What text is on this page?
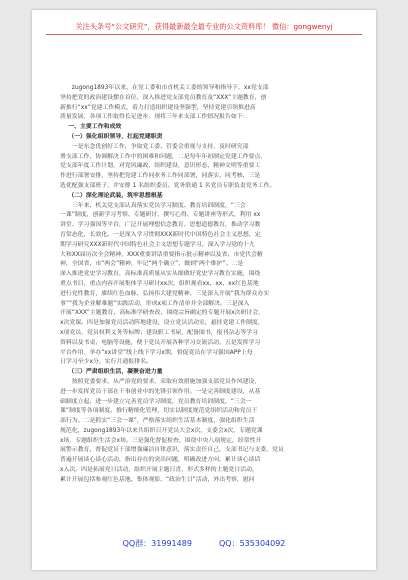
关注头条号“公文研究”，获得最新最全最专业的公文资料库！ 微信：gongwenyj

zugong1893年以来，在党工委和市直机关工委的领导和指导下，xx党支部
坚持把党的政治建设摆在首位，深入推进党支部党员教育及“XXX”主题教育，创
新推行“xx”党建工作模式，着力打造组织建设坚强型，坚持党建引领推进高
质量发展，各项工作取得长足进步。现将三年来支部工作情况报告如下：

一、主要工作和成效

（一）强化组织领导，扛起党建职责

一是东念优创好工作，争取党工委、管委会重视与支持，及时研究部
署支部工作，协调解决工作中的困难和问题，二是每年年初制定党建工作要点，
党支部年度工作计划，对党风廉政、组织建设、意识形态、精神文明等重要工
作进行部署安排，坚持把党建工作同业务工作同部署，同落实、同考核，三是
选优配强支部班子，并安排 1 名组织委员、党务联通 1 名党员专职负责党务工作。

（二）深化理论武装，筑牢思想根基

三年来，机关党支部认真落实党员学习制度、教育培训制度，“三会
一课”制度，创新学习考察、专题研讨、撰写心得、专题讲座等形式，利用 xx
讲堂、学习强国等平台，广泛开展理想信念教育、思想道德教育，推动学习教
育常态化，长效化。一是深入学习贯彻XXX新时代中国特色社会主义思想，定
期学习研究XXX新时代中国特色社会主义思想专题学习，深入学习党的十九
大和XX届历次全会精神，XXX重要讲话重要指示批示精神以及省、市党代会精
神，全国省，市“两会”精神，牢记“两个确立”，做到“两个维护”。二是
深入推进党史学习教育，高标准高质量从实从细做好党史学习教育实施，围绕
重点书目，重点内容开展集体学习研讨xx次，组织观看xx、xx、xx红色基地
进行党性教育，赓续红色血脉，弘扬伟大建党精神。三是深入开展“我为群众办实
事”“我为企业解难题”实践活动，形成x项工作清单并全部解决。三是深入
开展“XXX”主题教育，高标准学研查改，围绕宗旨确定的专题开展x次研讨会，
x次党课。四是加强党员活动阵地建设，设立党员活动室，悬挂党建工作制度，
x项党员，党员权利义务等标牌；建设职工书屋，配备图书，报刊杂志等学习
资料以及书桌、电脑等设施，便于党员开展各种学习交流活动。五是发挥学习
平台作用，举办“xx讲堂”线上线下学习x期，督促党员在学习强国APP上每
日学习至少x分，实行月通报排名。

（三）严肃组织生活，凝聚奋进力量

按照党委要求，从严治党的要求，采取有效措施加强支部党员作风建设，
进一步发挥党员干部在干事创业中的先锋引领作用。一是完善制度建设，从基
础制度立起，进一步建立完善党员学习制度，党员教育培训制度，“三会一
课”制度等各项制度，推行精细化管理，切实以制度规范党组织活动和党员干
部行为。二是抓实“三会一课”，严格落实组织生活基本制度，强化组织生活
规范化，zugong1893年以来共组织召开党员大会x次，支委会x次，专题党课
x场，专题组织生活会x场。三是强化督促检查，围绕中央八项规定，经常性开
展警示教育，督促党员干部增强廉洁自律意识，落实责任自己，支部书记与支委、党员
普遍开展谈心谈心活动，指出存在的突出问题，明确改进方向，累计谈心谈话
x入次。四是拓展党日活动，组织开展主题日喜，形式多样的主题党日活动，
累计开展包括参观红色基地、集体观影、“政治生日”活动，外出考察，慰问

QQ群：31991489	QQ：535304092
